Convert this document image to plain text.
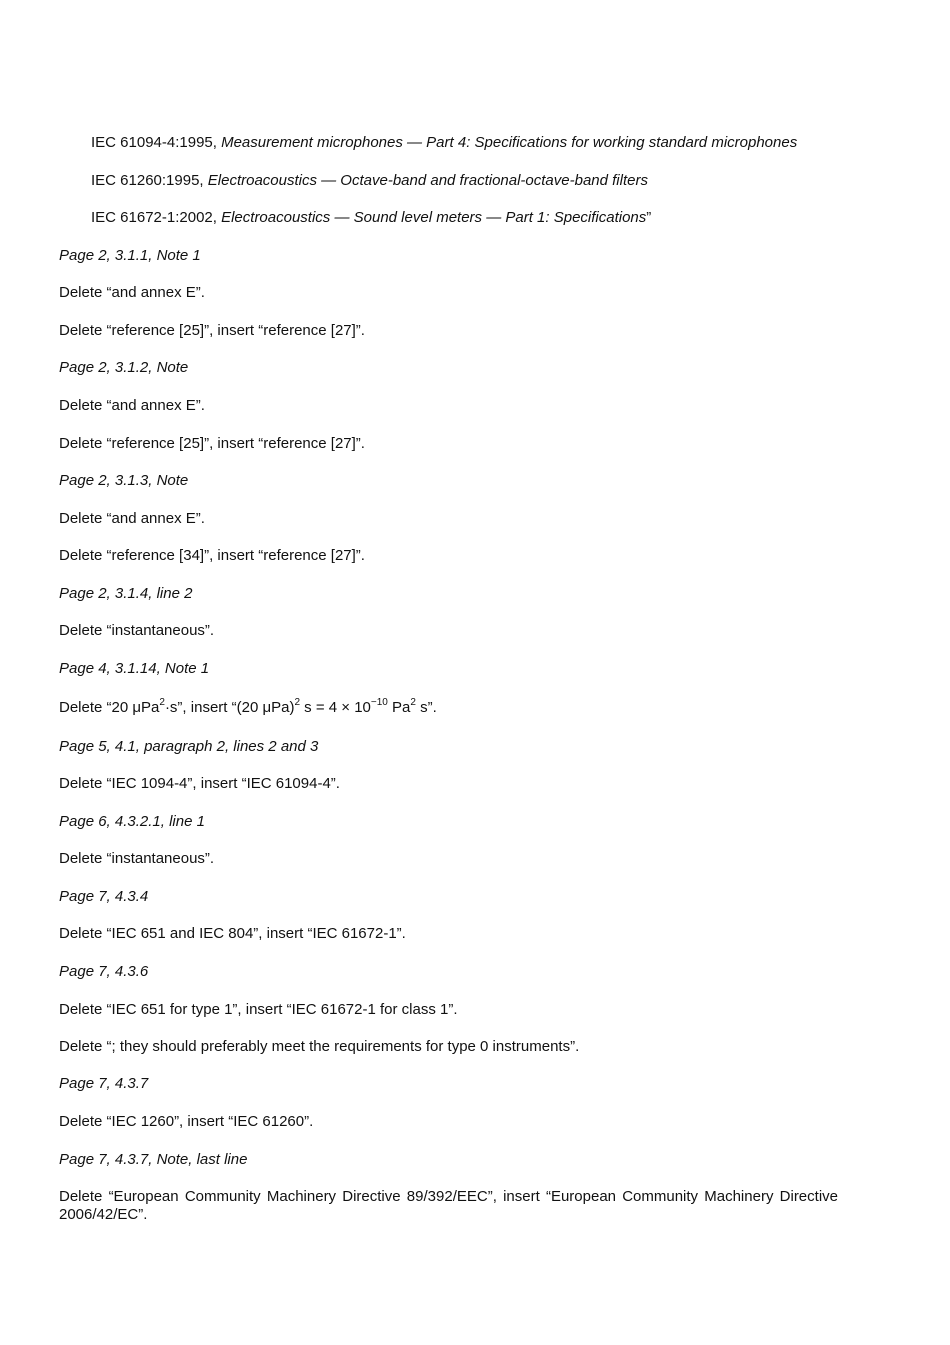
IEC 61094-4:1995, Measurement microphones — Part 4: Specifications for working standard microphones
IEC 61260:1995, Electroacoustics — Octave-band and fractional-octave-band filters
IEC 61672-1:2002, Electroacoustics — Sound level meters — Part 1: Specifications”
Page 2, 3.1.1, Note 1
Delete “and annex E”.
Delete “reference [25]”, insert “reference [27]”.
Page 2, 3.1.2, Note
Delete “and annex E”.
Delete “reference [25]”, insert “reference [27]”.
Page 2, 3.1.3, Note
Delete “and annex E”.
Delete “reference [34]”, insert “reference [27]”.
Page 2, 3.1.4, line 2
Delete “instantaneous”.
Page 4, 3.1.14, Note 1
Delete “20 μPa$^2$·s”, insert “(20 μPa)$^2$ $s = 4 \times 10^{-10}$ Pa$^2$ s”.
Page 5, 4.1, paragraph 2, lines 2 and 3
Delete “IEC 1094-4”, insert “IEC 61094-4”.
Page 6, 4.3.2.1, line 1
Delete “instantaneous”.
Page 7, 4.3.4
Delete “IEC 651 and IEC 804”, insert “IEC 61672-1”.
Page 7, 4.3.6
Delete “IEC 651 for type 1”, insert “IEC 61672-1 for class 1”.
Delete “; they should preferably meet the requirements for type 0 instruments”.
Page 7, 4.3.7
Delete “IEC 1260”, insert “IEC 61260”.
Page 7, 4.3.7, Note, last line
Delete “European Community Machinery Directive 89/392/EEC”, insert “European Community Machinery Directive 2006/42/EC”.
